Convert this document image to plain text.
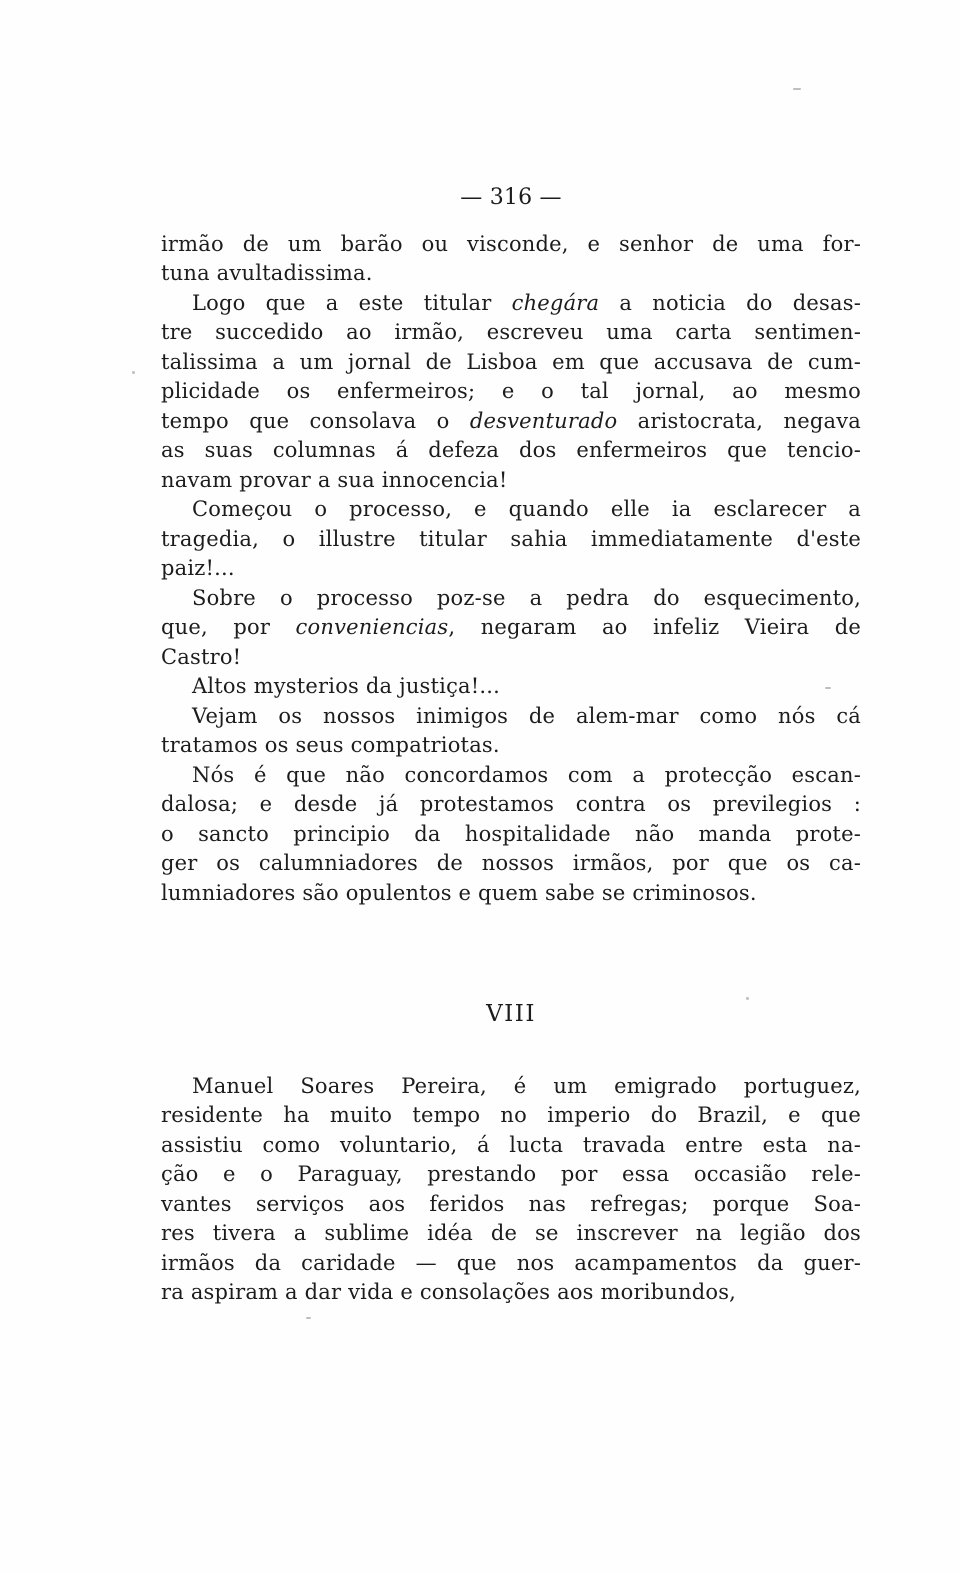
— 316 —

irmão de um barão ou visconde, e senhor de uma for-
tuna avultadissima.

Logo que a este titular chegára a noticia do desas-
tre succedido ao irmão, escreveu uma carta sentimen-
talissima a um jornal de Lisboa em que accusava de cum-
plicidade os enfermeiros; e o tal jornal, ao mesmo
tempo que consolava o desventurado aristocrata, negava
as suas columnas á defeza dos enfermeiros que tencio-
navam provar a sua innocencia!

Começou o processo, e quando elle ia esclarecer a
tragedia, o illustre titular sahia immediatamente d'este
paiz!...

Sobre o processo poz-se a pedra do esquecimento,
que, por conveniencias, negaram ao infeliz Vieira de
Castro!

Altos mysterios da justiça!...

Vejam os nossos inimigos de alem-mar como nós cá
tratamos os seus compatriotas.

Nós é que não concordamos com a protecção escan-
dalosa; e desde já protestamos contra os previlegios :
o sancto principio da hospitalidade não manda prote-
ger os calumniadores de nossos irmãos, por que os ca-
lumniadores são opulentos e quem sabe se criminosos.

VIII

Manuel Soares Pereira, é um emigrado portuguez,
residente ha muito tempo no imperio do Brazil, e que
assistiu como voluntario, á lucta travada entre esta na-
ção e o Paraguay, prestando por essa occasião rele-
vantes serviços aos feridos nas refregas; porque Soa-
res tivera a sublime idéa de se inscrever na legião dos
irmãos da caridade — que nos acampamentos da guer-
ra aspiram a dar vida e consolações aos moribundos,
